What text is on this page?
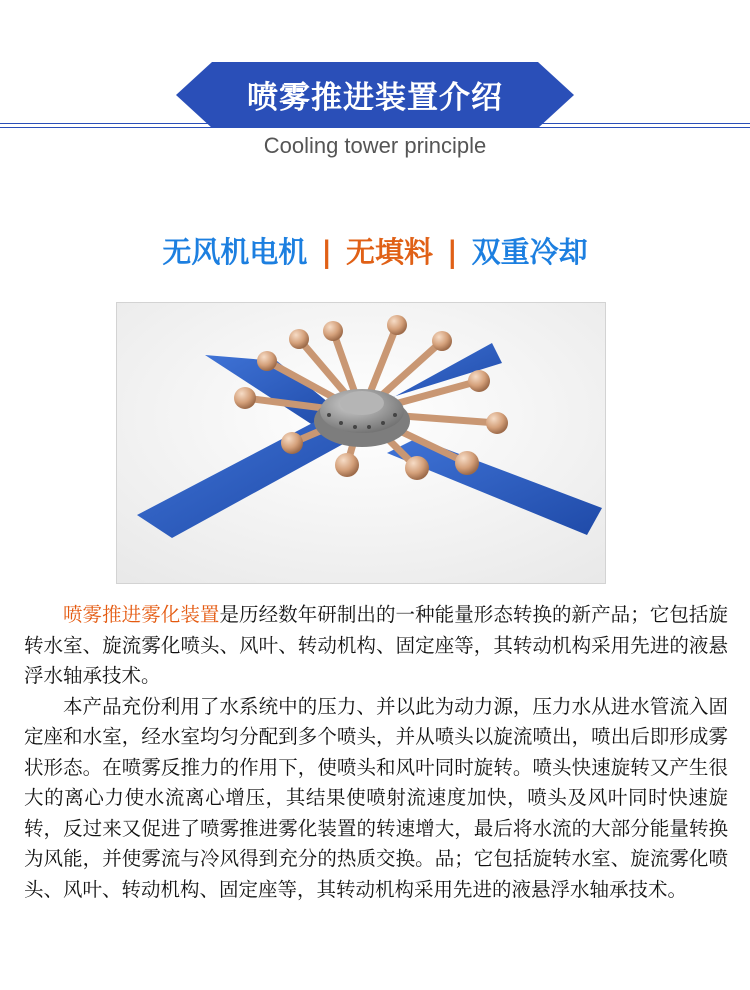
喷雾推进装置介绍
Cooling tower principle
无风机电机 | 无填料 | 双重冷却

喷雾推进雾化装置是历经数年研制出的一种能量形态转换的新产品；它包括旋转水室、旋流雾化喷头、风叶、转动机构、固定座等，其转动机构采用先进的液悬浮水轴承技术。

本产品充份利用了水系统中的压力、并以此为动力源，压力水从进水管流入固定座和水室，经水室均匀分配到多个喷头，并从喷头以旋流喷出，喷出后即形成雾状形态。在喷雾反推力的作用下，使喷头和风叶同时旋转。喷头快速旋转又产生很大的离心力使水流离心增压，其结果使喷射流速度加快，喷头及风叶同时快速旋转，反过来又促进了喷雾推进雾化装置的转速增大，最后将水流的大部分能量转换为风能，并使雾流与冷风得到充分的热质交换。品；它包括旋转水室、旋流雾化喷头、风叶、转动机构、固定座等，其转动机构采用先进的液悬浮水轴承技术。
